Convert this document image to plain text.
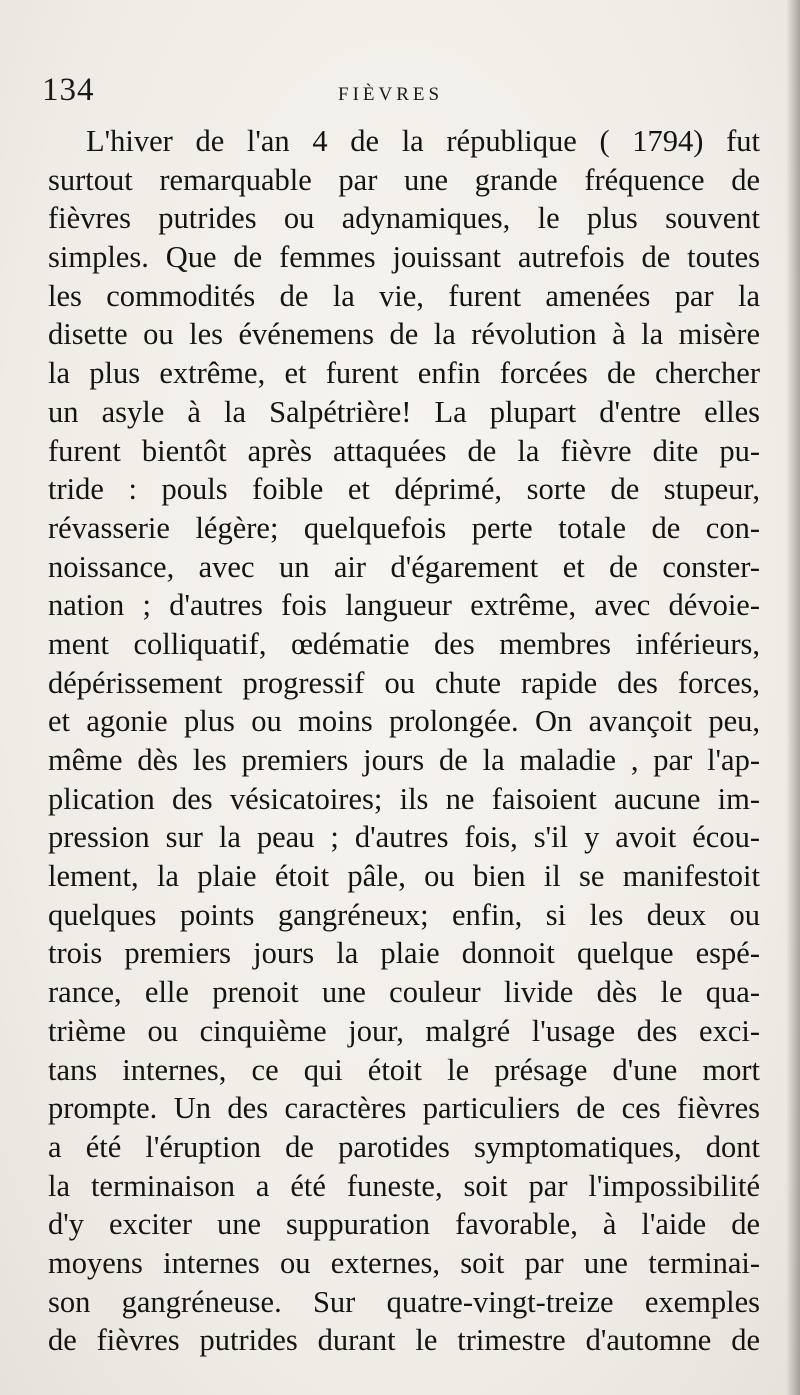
134	FIÈVRES
L'hiver de l'an 4 de la république ( 1794) fut
surtout remarquable par une grande fréquence de
fièvres putrides ou adynamiques, le plus souvent
simples. Que de femmes jouissant autrefois de toutes
les commodités de la vie, furent amenées par la
disette ou les événemens de la révolution à la misère
la plus extrême, et furent enfin forcées de chercher
un asyle à la Salpétrière! La plupart d'entre elles
furent bientôt après attaquées de la fièvre dite pu-
tride : pouls foible et déprimé, sorte de stupeur,
révasserie légère; quelquefois perte totale de con-
noissance, avec un air d'égarement et de conster-
nation ; d'autres fois langueur extrême, avec dévoie-
ment colliquatif, œdématie des membres inférieurs,
dépérissement progressif ou chute rapide des forces,
et agonie plus ou moins prolongée. On avançoit peu,
même dès les premiers jours de la maladie , par l'ap-
plication des vésicatoires; ils ne faisoient aucune im-
pression sur la peau ; d'autres fois, s'il y avoit écou-
lement, la plaie étoit pâle, ou bien il se manifestoit
quelques points gangréneux; enfin, si les deux ou
trois premiers jours la plaie donnoit quelque espé-
rance, elle prenoit une couleur livide dès le qua-
trième ou cinquième jour, malgré l'usage des exci-
tans internes, ce qui étoit le présage d'une mort
prompte. Un des caractères particuliers de ces fièvres
a été l'éruption de parotides symptomatiques, dont
la terminaison a été funeste, soit par l'impossibilité
d'y exciter une suppuration favorable, à l'aide de
moyens internes ou externes, soit par une terminai-
son gangréneuse. Sur quatre-vingt-treize exemples
de fièvres putrides durant le trimestre d'automne de
